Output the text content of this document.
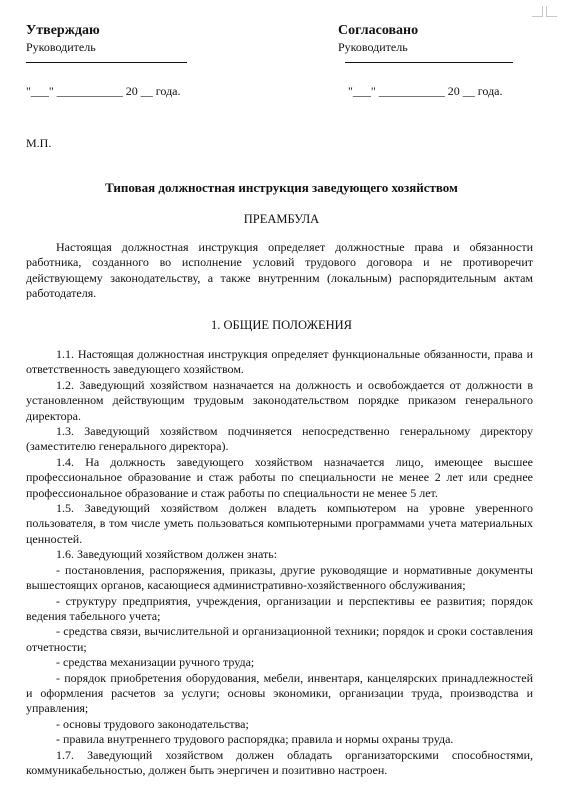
Утверждаю

Руководитель

"___" ___________ 20 __ года.

Согласовано

Руководитель

"___" ___________ 20 __ года.
М.П.
Типовая должностная инструкция заведующего хозяйством
ПРЕАМБУЛА

Настоящая должностная инструкция определяет должностные права и обязанности работника, созданного во исполнение условий трудового договора и не противоречит действующему законодательству, а также внутренним (локальным) распорядительным актам работодателя.

1. ОБЩИЕ ПОЛОЖЕНИЯ

1.1. Настоящая должностная инструкция определяет функциональные обязанности, права и ответственность заведующего хозяйством.

1.2. Заведующий хозяйством назначается на должность и освобождается от должности в установленном действующим трудовым законодательством порядке приказом генерального директора.

1.3. Заведующий хозяйством подчиняется непосредственно генеральному директору (заместителю генерального директора).

1.4. На должность заведующего хозяйством назначается лицо, имеющее высшее профессиональное образование и стаж работы по специальности не менее 2 лет или среднее профессиональное образование и стаж работы по специальности не менее 5 лет.

1.5. Заведующий хозяйством должен владеть компьютером на уровне уверенного пользователя, в том числе уметь пользоваться компьютерными программами учета материальных ценностей.

1.6. Заведующий хозяйством должен знать:

- постановления, распоряжения, приказы, другие руководящие и нормативные документы вышестоящих органов, касающиеся административно-хозяйственного обслуживания;

- структуру предприятия, учреждения, организации и перспективы ее развития; порядок ведения табельного учета;

- средства связи, вычислительной и организационной техники; порядок и сроки составления отчетности;

- средства механизации ручного труда;

- порядок приобретения оборудования, мебели, инвентаря, канцелярских принадлежностей и оформления расчетов за услуги; основы экономики, организации труда, производства и управления;

- основы трудового законодательства;

- правила внутреннего трудового распорядка; правила и нормы охраны труда.

1.7. Заведующий хозяйством должен обладать организаторскими способностями, коммуникабельностью, должен быть энергичен и позитивно настроен.
